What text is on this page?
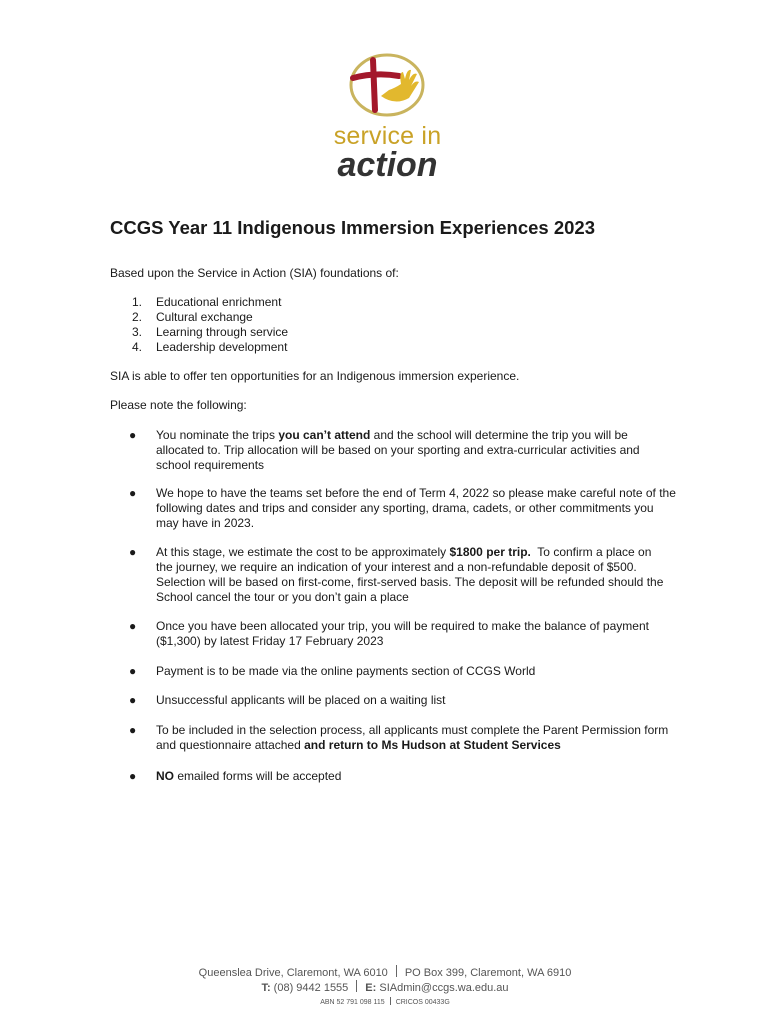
service in
action
CCGS Year 11 Indigenous Immersion Experiences 2023

Based upon the Service in Action (SIA) foundations of:

1. Educational enrichment
2. Cultural exchange
3. Learning through service
4. Leadership development

SIA is able to offer ten opportunities for an Indigenous immersion experience.

Please note the following:

● You nominate the trips you can’t attend and the school will determine the trip you will be
allocated to. Trip allocation will be based on your sporting and extra-curricular activities and
school requirements
● We hope to have the teams set before the end of Term 4, 2022 so please make careful note of the
following dates and trips and consider any sporting, drama, cadets, or other commitments you
may have in 2023.
● At this stage, we estimate the cost to be approximately $1800 per trip.  To confirm a place on
the journey, we require an indication of your interest and a non-refundable deposit of $500.
Selection will be based on first-come, first-served basis. The deposit will be refunded should the
School cancel the tour or you don’t gain a place
● Once you have been allocated your trip, you will be required to make the balance of payment
($1,300) by latest Friday 17 February 2023
● Payment is to be made via the online payments section of CCGS World
● Unsuccessful applicants will be placed on a waiting list
● To be included in the selection process, all applicants must complete the Parent Permission form
and questionnaire attached and return to Ms Hudson at Student Services
● NO emailed forms will be accepted
Queenslea Drive, Claremont, WA 6010 PO Box 399, Claremont, WA 6910
T: (08) 9442 1555 E: SIAdmin@ccgs.wa.edu.au
ABN 52 791 098 115 CRICOS 00433G
